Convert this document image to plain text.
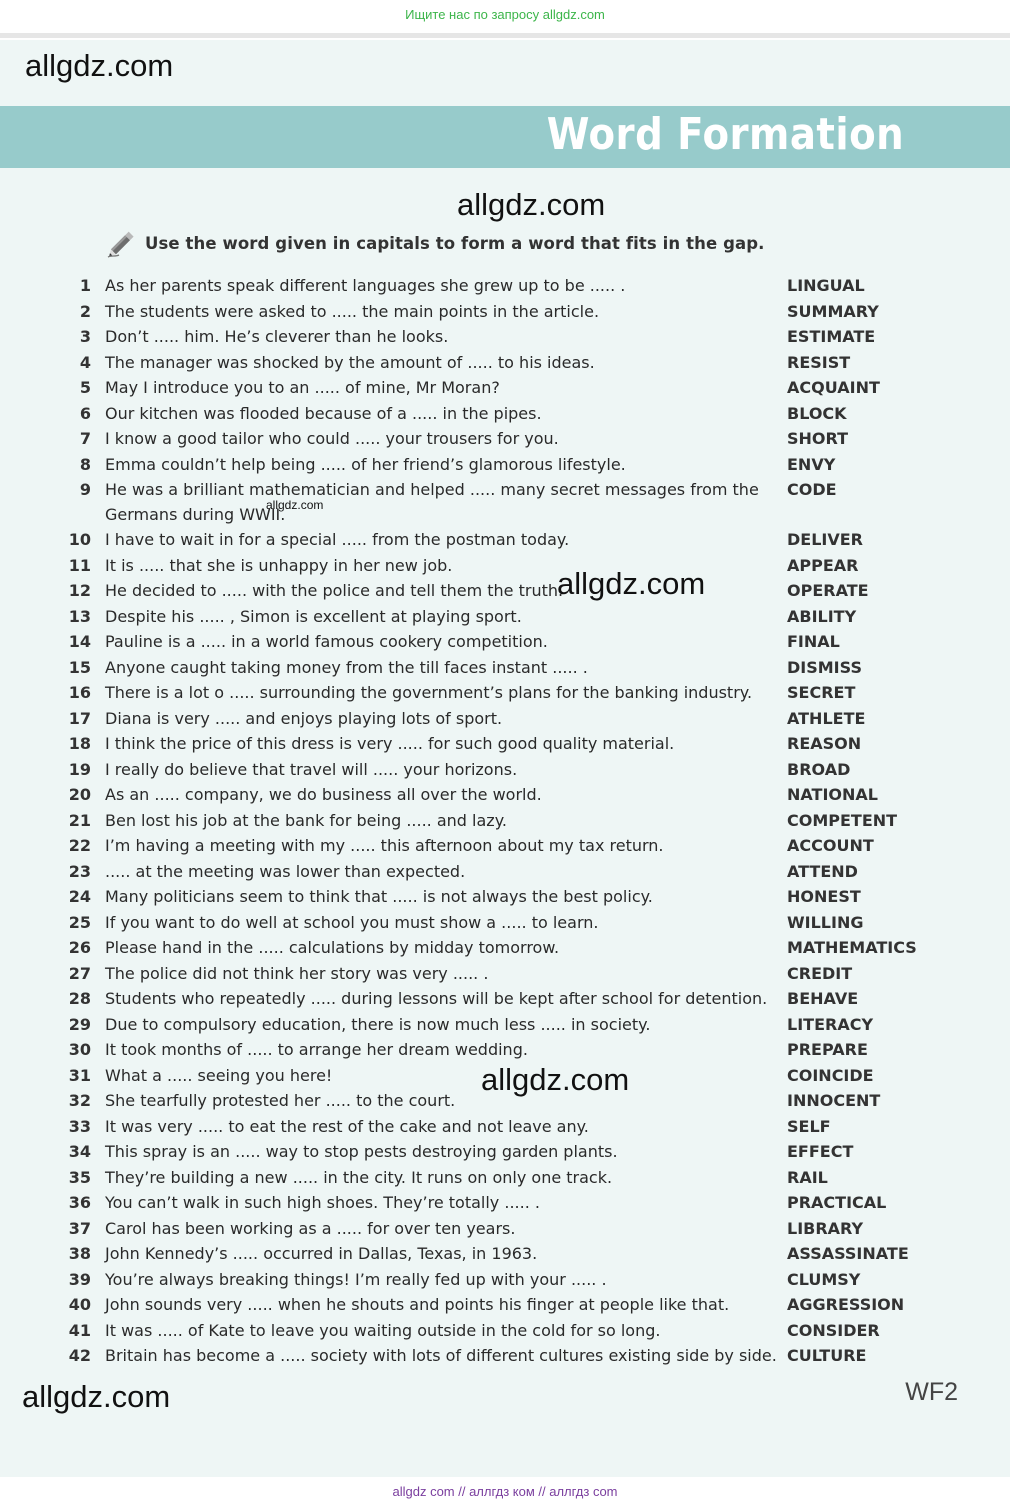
Ищите нас по запросу allgdz.com
allgdz.com
Word Formation
allgdz.com
Use the word given in capitals to form a word that fits in the gap.
1 As her parents speak different languages she grew up to be ..... .	LINGUAL
2 The students were asked to ..... the main points in the article.	SUMMARY
3 Don’t ..... him. He’s cleverer than he looks.	ESTIMATE
4 The manager was shocked by the amount of ..... to his ideas.	RESIST
5 May I introduce you to an ..... of mine, Mr Moran?	ACQUAINT
6 Our kitchen was flooded because of a ..... in the pipes.	BLOCK
7 I know a good tailor who could ..... your trousers for you.	SHORT
8 Emma couldn’t help being ..... of her friend’s glamorous lifestyle.	ENVY
9 He was a brilliant mathematician and helped ..... many secret messages from the Germans during WWII.
CODE
allgdz.com
10 I have to wait in for a special ..... from the postman today.	DELIVER
11 It is ..... that she is unhappy in her new job.	APPEAR
12 He decided to ..... with the police and tell them the truth.	OPERATE
allgdz.com
13 Despite his ..... , Simon is excellent at playing sport.	ABILITY
14 Pauline is a ..... in a world famous cookery competition.	FINAL
15 Anyone caught taking money from the till faces instant ..... .	DISMISS
16 There is a lot o ..... surrounding the government’s plans for the banking industry.	SECRET
17 Diana is very ..... and enjoys playing lots of sport.	ATHLETE
18 I think the price of this dress is very ..... for such good quality material.	REASON
19 I really do believe that travel will ..... your horizons.	BROAD
20 As an ..... company, we do business all over the world.	NATIONAL
21 Ben lost his job at the bank for being ..... and lazy.	COMPETENT
22 I’m having a meeting with my ..... this afternoon about my tax return.	ACCOUNT
23 ..... at the meeting was lower than expected.	ATTEND
24 Many politicians seem to think that ..... is not always the best policy.	HONEST
25 If you want to do well at school you must show a ..... to learn.	WILLING
26 Please hand in the ..... calculations by midday tomorrow.	MATHEMATICS
27 The police did not think her story was very ..... .	CREDIT
28 Students who repeatedly ..... during lessons will be kept after school for detention.	BEHAVE
29 Due to compulsory education, there is now much less ..... in society.	LITERACY
30 It took months of ..... to arrange her dream wedding.	PREPARE
31 What a ..... seeing you here!	COINCIDE
allgdz.com
32 She tearfully protested her ..... to the court.	INNOCENT
33 It was very ..... to eat the rest of the cake and not leave any.	SELF
34 This spray is an ..... way to stop pests destroying garden plants.	EFFECT
35 They’re building a new ..... in the city. It runs on only one track.	RAIL
36 You can’t walk in such high shoes. They’re totally ..... .	PRACTICAL
37 Carol has been working as a ..... for over ten years.	LIBRARY
38 John Kennedy’s ..... occurred in Dallas, Texas, in 1963.	ASSASSINATE
39 You’re always breaking things! I’m really fed up with your ..... .	CLUMSY
40 John sounds very ..... when he shouts and points his finger at people like that.	AGGRESSION
41 It was ..... of Kate to leave you waiting outside in the cold for so long.	CONSIDER
42 Britain has become a ..... society with lots of different cultures existing side by side. CULTURE
allgdz.com	WF2
allgdz com // аллгдз ком // аллгдз com
